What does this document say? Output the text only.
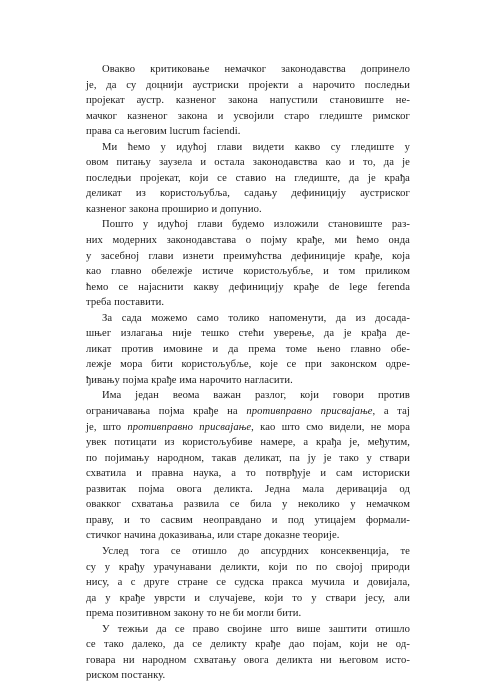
Овакво критиковање немачког законодавства допринело
је, да су доцнији аустриски пројекти а нарочито последњи
пројекат аустр. казненог закона напустили становиште не-
мачког казненог закона и усвојили старо гледиште римског
права са његовим lucrum faciendi.

Ми ћемо у идућој глави видети какво су гледиште у
овом питању заузела и остала законодавства као и то, да је
последњи пројекат, који се ставио на гледиште, да је крађа
деликат из користољубља, садању дефиницију аустриског
казненог закона проширио и допунио.

Пошто у идућој глави будемо изложили становиште раз-
них модерних законодавстава о појму крађе, ми ћемо онда
у засебној глави изнети преимућства дефиниције крађе, која
као главно обележје истиче користољубље, и том приликом
ћемо се најаснити какву дефиницију крађе de lege ferenda
треба поставити.

За сада можемо само толико напоменути, да из досада-
шњег излагања није тешко стећи уверење, да је крађа де-
ликат против имовине и да према томе њено главно обе-
лежје мора бити користољубље, које се при законском одре-
ђивању појма крађе има нарочито нагласити.

Има један веома важан разлог, који говори против
ограничавања појма крађе на противправно присвајање, а тај
је, што противправно присвајање, као што смо видели, не мора
увек потицати из користољубиве намере, а крађа је, међутим,
по појимању народном, такав деликат, па ју је тако у ствари
схватила и правна наука, а то потврђује и сам историски
развитак појма овога деликта. Једна мала деривација од
овакког схватања развила се била у неколико у немачком
праву, и то сасвим неоправдано и под утицајем формали-
стичког начина доказивања, или старе доказне теорије.

Услед тога се отишло до апсурдних консеквенција, те
су у крађу урачунавани деликти, који по по својој природи
нису, а с друге стране се судска пракса мучила и довијала,
да у крађе уврсти и случајеве, који то у ствари јесу, али
према позитивном закону то не би могли бити.

У тежњи да се право својине што више заштити отишло
се тако далеко, да се деликту крађе дао појам, који не од-
говара ни народном схватању овога деликта ни његовом исто-
риском постанку.
